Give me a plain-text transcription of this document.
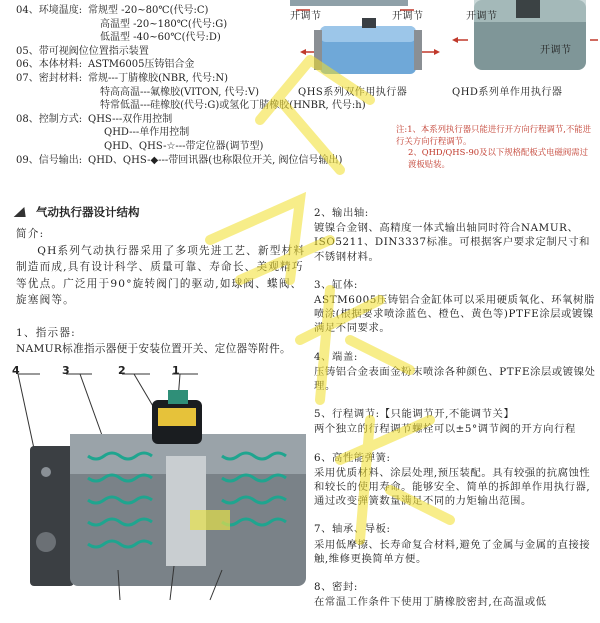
04、环境温度: 常规型 -20~80℃(代号:C)
高温型 -20~180℃(代号:G)
低温型 -40~60℃(代号:D)
05、带可视阀位位置指示装置
06、本体材料: ASTM6005压铸铝合金
07、密封材料: 常规---丁腈橡胶(NBR, 代号:N)
特高高温---氟橡胶(VITON, 代号:V)
特常低温---硅橡胶(代号:G)或氢化丁腈橡胶(HNBR, 代号:h)
08、控制方式: QHS---双作用控制
QHD---单作用控制
QHD、QHS-☆---带定位器(调节型)
09、信号输出: QHD、QHS-◆---带回讯器(也称限位开关, 阀位信号输出)
开调节	开调节	开调节
开调节
QHS系列双作用执行器	QHD系列单作用执行器
注:1、本系列执行器只能进行开方向行程调节,不能进行关方向行程调节。
2、QHD/QHS-90及以下规格配板式电磁阀需过渡板贴装。
气动执行器设计结构

简介:

QH系列气动执行器采用了多项先进工艺、新型材料制造而成,具有设计科学、质量可靠、寿命长、美观精巧等优点。广泛用于90°旋转阀门的驱动,如球阀、蝶阀、旋塞阀等。

1、指示器:

NAMUR标准指示器便于安装位置开关、定位器等附件。

2、输出轴:
镀镍合金钢、高精度一体式输出轴同时符合NAMUR、ISO5211、DIN3337标准。可根据客户要求定制尺寸和不锈钢材料。
3、缸体:
ASTM6005压铸铝合金缸体可以采用硬质氧化、环氧树脂喷涂(根据要求喷涂蓝色、橙色、黄色等)PTFE涂层或镀镍满足不同要求。
4、端盖:
压铸铝合金表面金粉末喷涂各种颜色、PTFE涂层或镀镍处理。
5、行程调节:【只能调节开,不能调节关】
两个独立的行程调节螺栓可以±5°调节阀的开方向行程
6、高性能弹簧:
采用优质材料、涂层处理,预压装配。具有较强的抗腐蚀性和较长的使用寿命。能够安全、简单的拆卸单作用执行器,通过改变弹簧数量满足不同的力矩输出范围。
7、轴承、导板:
采用低摩擦、长寿命复合材料,避免了金属与金属的直接接触,维修更换简单方便。
8、密封:
在常温工作条件下使用丁腈橡胶密封,在高温或低
4	3	2	1
